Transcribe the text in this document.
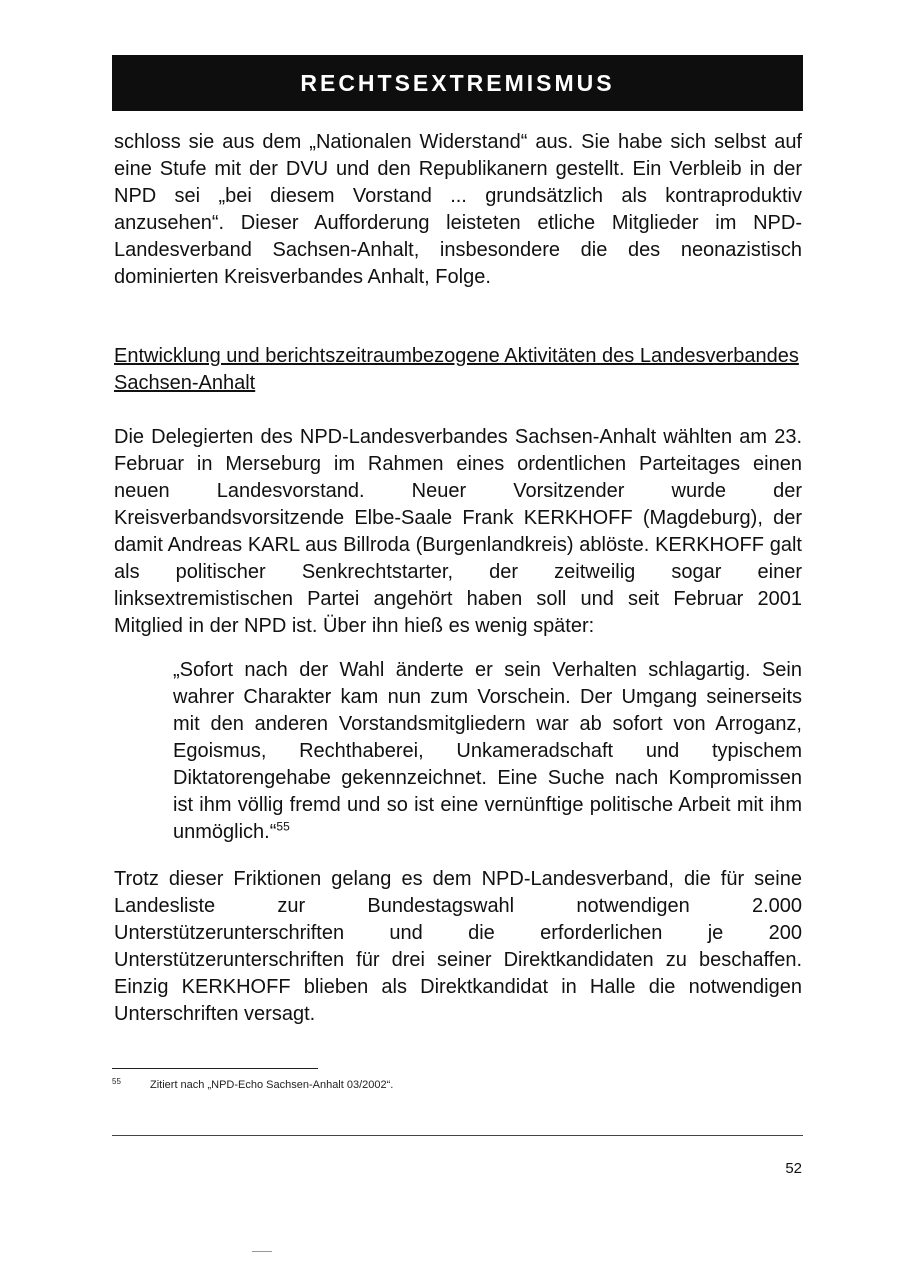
RECHTSEXTREMISMUS

schloss sie aus dem „Nationalen Widerstand“ aus. Sie habe sich selbst auf eine Stufe mit der DVU und den Republikanern gestellt. Ein Verbleib in der NPD sei „bei diesem Vorstand ... grundsätzlich als kontraproduktiv anzusehen“. Dieser Aufforderung leisteten etliche Mitglieder im NPD-Landesverband Sachsen-Anhalt, insbesondere die des neonazistisch dominierten Kreisverbandes Anhalt, Folge.

Entwicklung und berichtszeitraumbezogene Aktivitäten des Landesverbandes Sachsen-Anhalt

Die Delegierten des NPD-Landesverbandes Sachsen-Anhalt wählten am 23. Februar in Merseburg im Rahmen eines ordentlichen Parteitages einen neuen Landesvorstand. Neuer Vorsitzender wurde der Kreisverbandsvorsitzende Elbe-Saale Frank KERKHOFF (Magdeburg), der damit Andreas KARL aus Billroda (Burgenlandkreis) ablöste. KERKHOFF galt als politischer Senkrechtstarter, der zeitweilig sogar einer linksextremistischen Partei angehört haben soll und seit Februar 2001 Mitglied in der NPD ist. Über ihn hieß es wenig später:

„Sofort nach der Wahl änderte er sein Verhalten schlagartig. Sein wahrer Charakter kam nun zum Vorschein. Der Umgang seinerseits mit den anderen Vorstandsmitgliedern war ab sofort von Arroganz, Egoismus, Rechthaberei, Unkameradschaft und typischem Diktatorengehabe gekennzeichnet. Eine Suche nach Kompromissen ist ihm völlig fremd und so ist eine vernünftige politische Arbeit mit ihm unmöglich.“$^{55}$

Trotz dieser Friktionen gelang es dem NPD-Landesverband, die für seine Landesliste zur Bundestagswahl notwendigen 2.000 Unterstützerunterschriften und die erforderlichen je 200 Unterstützerunterschriften für drei seiner Direktkandidaten zu beschaffen. Einzig KERKHOFF blieben als Direktkandidat in Halle die notwendigen Unterschriften versagt.

55	Zitiert nach „NPD-Echo Sachsen-Anhalt 03/2002“.
52
